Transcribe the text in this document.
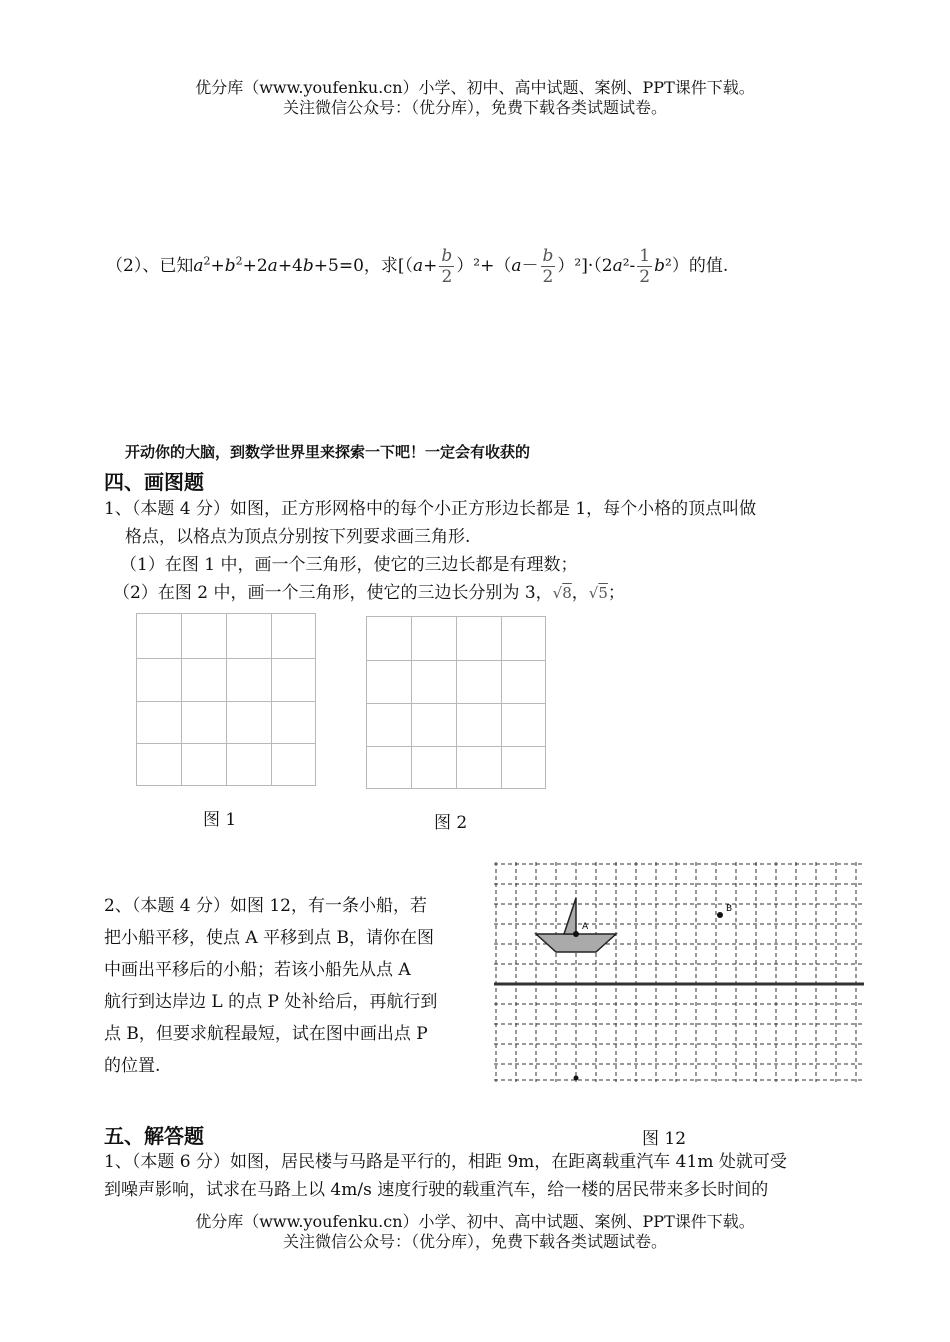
优分库（www.youfenku.cn）小学、初中、高中试题、案例、PPT课件下载。
关注微信公众号：（优分库），免费下载各类试题试卷。
（2）、已知$a^2+b^2+2a+4b+5=0$，求$[(a+ \frac{b}{2} )^2+(a- \frac{b}{2} )^2]\cdot(2a^2- \frac{1}{2} b^2)$的值.
开动你的大脑，到数学世界里来探索一下吧！一定会有收获的
四、画图题
1、（本题 4 分）如图，正方形网格中的每个小正方形边长都是 1，每个小格的顶点叫做
格点，以格点为顶点分别按下列要求画三角形.
（1）在图 1 中，画一个三角形，使它的三边长都是有理数；
（2）在图 2 中，画一个三角形，使它的三边长分别为 3，√8，√5；
图 1	图 2
2、（本题 4 分）如图 12，有一条小船，若
把小船平移，使点 A 平移到点 B，请你在图
中画出平移后的小船；若该小船先从点 A
航行到达岸边 L 的点 P 处补给后，再航行到
点 B，但要求航程最短，试在图中画出点 P
的位置.
A
B
图 12
五、解答题
1、（本题 6 分）如图，居民楼与马路是平行的，相距 9m，在距离载重汽车 41m 处就可受
到噪声影响，试求在马路上以 4m/s 速度行驶的载重汽车，给一楼的居民带来多长时间的
优分库（www.youfenku.cn）小学、初中、高中试题、案例、PPT课件下载。
关注微信公众号：（优分库），免费下载各类试题试卷。
